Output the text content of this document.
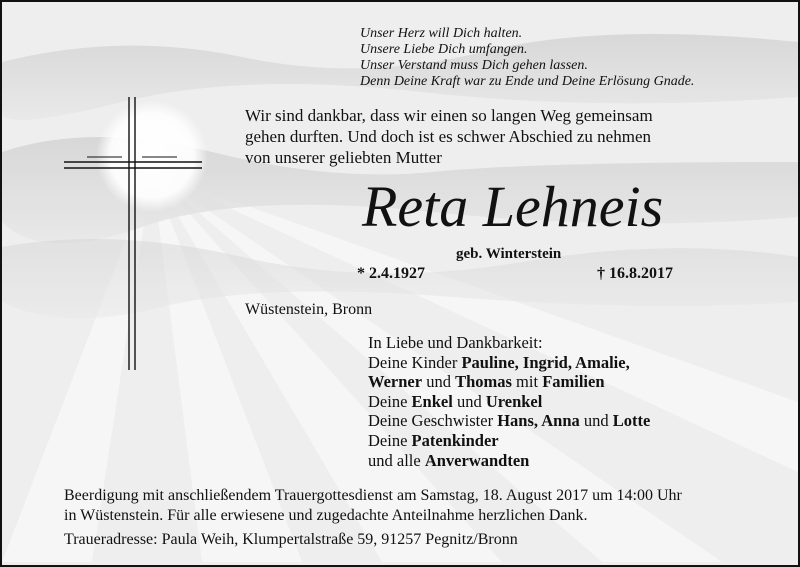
Unser Herz will Dich halten.
Unsere Liebe Dich umfangen.
Unser Verstand muss Dich gehen lassen.
Denn Deine Kraft war zu Ende und Deine Erlösung Gnade.
Wir sind dankbar, dass wir einen so langen Weg gemeinsam
gehen durften. Und doch ist es schwer Abschied zu nehmen
von unserer geliebten Mutter
Reta Lehneis
geb. Winterstein
* 2.4.1927	† 16.8.2017
Wüstenstein, Bronn
In Liebe und Dankbarkeit:
Deine Kinder Pauline, Ingrid, Amalie,
Werner und Thomas mit Familien
Deine Enkel und Urenkel
Deine Geschwister Hans, Anna und Lotte
Deine Patenkinder
und alle Anverwandten
Beerdigung mit anschließendem Trauergottesdienst am Samstag, 18. August 2017 um 14:00 Uhr
in Wüstenstein. Für alle erwiesene und zugedachte Anteilnahme herzlichen Dank.
Traueradresse: Paula Weih, Klumpertalstraße 59, 91257 Pegnitz/Bronn
